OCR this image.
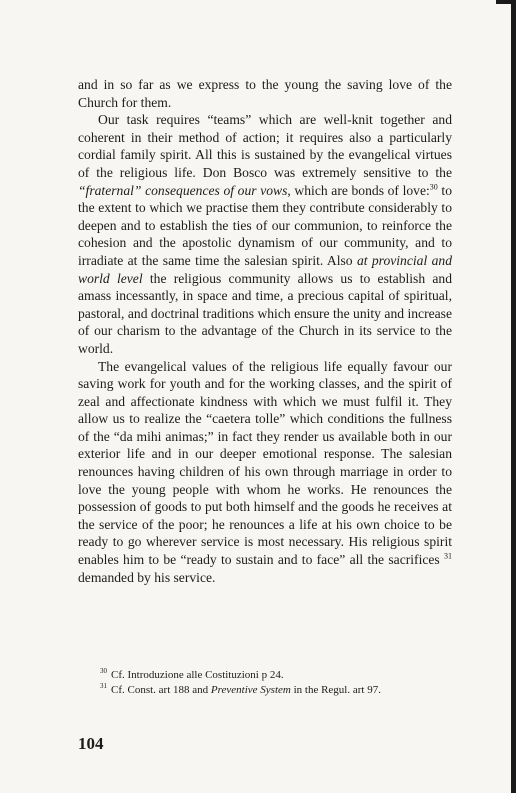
and in so far as we express to the young the saving love of the Church for them.

Our task requires “teams” which are well-knit together and coherent in their method of action; it requires also a particularly cordial family spirit. All this is sustained by the evangelical virtues of the religious life. Don Bosco was extremely sensitive to the “fraternal” consequences of our vows, which are bonds of love:$^{30}$ to the extent to which we practise them they contribute considerably to deepen and to establish the ties of our communion, to reinforce the cohesion and the apostolic dynamism of our community, and to irradiate at the same time the salesian spirit. Also at provincial and world level the religious community allows us to establish and amass incessantly, in space and time, a precious capital of spiritual, pastoral, and doctrinal traditions which ensure the unity and increase of our charism to the advantage of the Church in its service to the world.

The evangelical values of the religious life equally favour our saving work for youth and for the working classes, and the spirit of zeal and affectionate kindness with which we must fulfil it. They allow us to realize the “caetera tolle” which conditions the fullness of the “da mihi animas;” in fact they render us available both in our exterior life and in our deeper emotional response. The salesian renounces having children of his own through marriage in order to love the young people with whom he works. He renounces the possession of goods to put both himself and the goods he receives at the service of the poor; he renounces a life at his own choice to be ready to go wherever service is most necessary. His religious spirit enables him to be “ready to sustain and to face” all the sacrifices $^{31}$ demanded by his service.

$^{30}$ Cf. Introduzione alle Costituzioni p 24.

$^{31}$ Cf. Const. art 188 and Preventive System in the Regul. art 97.

104
